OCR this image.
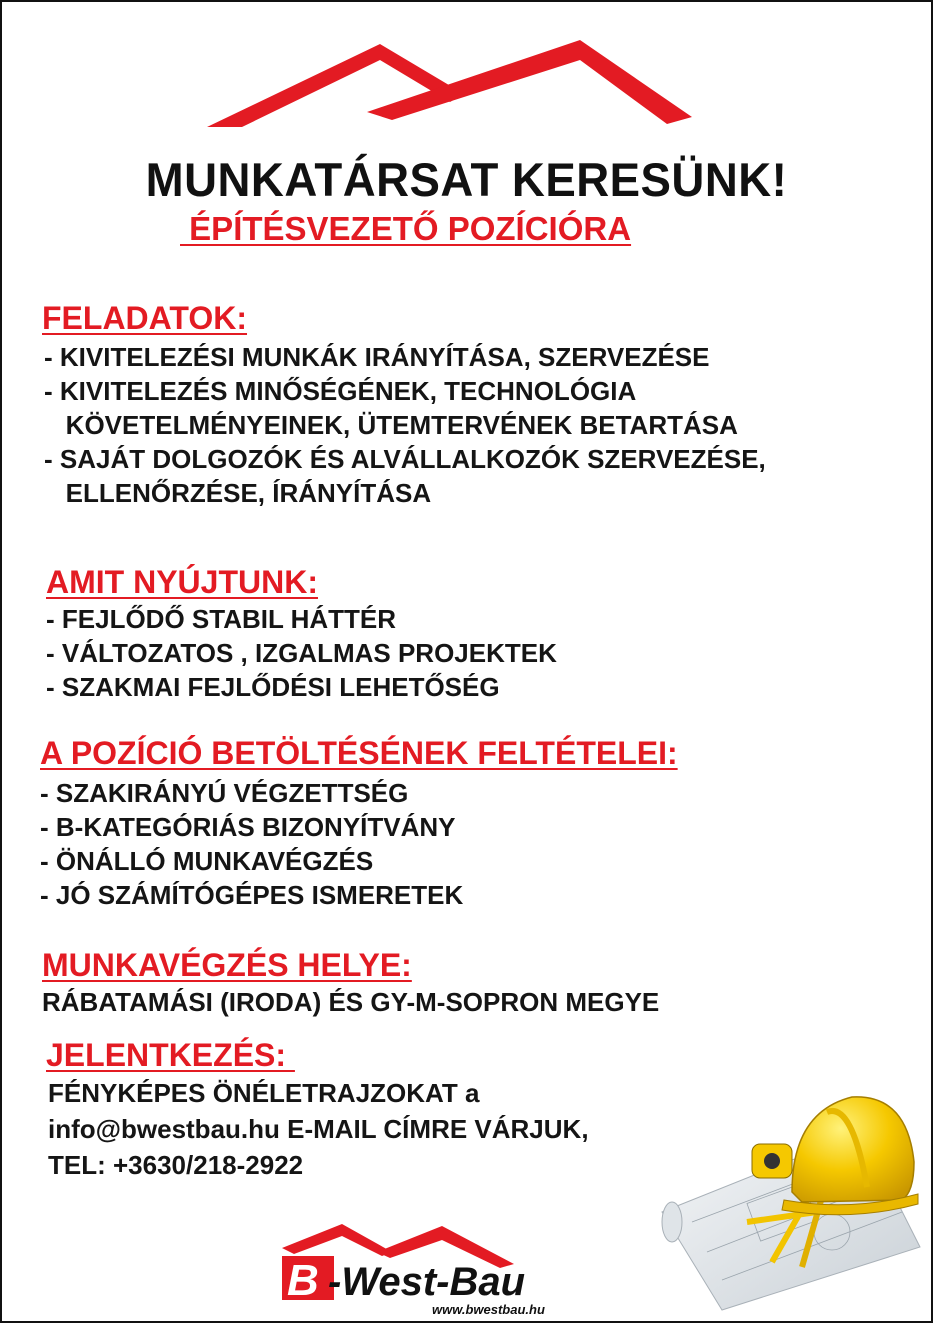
MUNKATÁRSAT KERESÜNK!
ÉPÍTÉSVEZETŐ POZÍCIÓRA
FELADATOK:
- KIVITELEZÉSI MUNKÁK IRÁNYÍTÁSA, SZERVEZÉSE
- KIVITELEZÉS MINŐSÉGÉNEK, TECHNOLÓGIA
KÖVETELMÉNYEINEK, ÜTEMTERVÉNEK BETARTÁSA
- SAJÁT DOLGOZÓK ÉS ALVÁLLALKOZÓK SZERVEZÉSE,
ELLENŐRZÉSE, ÍRÁNYÍTÁSA
AMIT NYÚJTUNK:
- FEJLŐDŐ STABIL HÁTTÉR
- VÁLTOZATOS , IZGALMAS PROJEKTEK
- SZAKMAI FEJLŐDÉSI LEHETŐSÉG
A POZÍCIÓ BETÖLTÉSÉNEK FELTÉTELEI:
- SZAKIRÁNYÚ VÉGZETTSÉG
- B-KATEGÓRIÁS BIZONYÍTVÁNY
- ÖNÁLLÓ MUNKAVÉGZÉS
- JÓ SZÁMÍTÓGÉPES ISMERETEK
MUNKAVÉGZÉS HELYE:
RÁBATAMÁSI (IRODA) ÉS GY-M-SOPRON MEGYE
JELENTKEZÉS:
FÉNYKÉPES ÖNÉLETRAJZOKAT a
info@bwestbau.hu E-MAIL CÍMRE VÁRJUK,
TEL: +3630/218-2922
B -West-Bau
www.bwestbau.hu
